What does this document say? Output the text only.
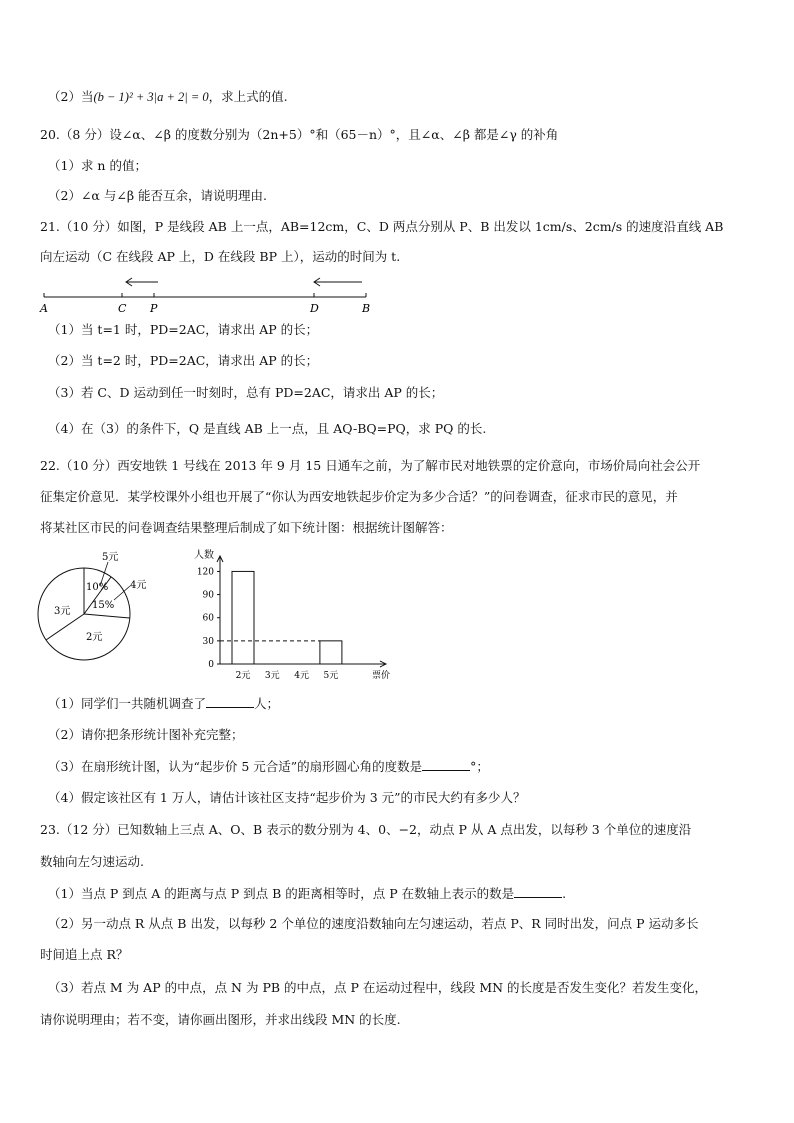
（2）当(b − 1)² + 3|a + 2| = 0，求上式的值.
20.（8 分）设∠α、∠β 的度数分别为（2n+5）°和（65－n）°，且∠α、∠β 都是∠γ 的补角
（1）求 n 的值；
（2）∠α 与∠β 能否互余，请说明理由.
21.（10 分）如图，P 是线段 AB 上一点，AB=12cm，C、D 两点分别从 P、B 出发以 1cm/s、2cm/s 的速度沿直线 AB
向左运动（C 在线段 AP 上，D 在线段 BP 上），运动的时间为 t.
A	C P	D	B
（1）当 t=1 时，PD=2AC，请求出 AP 的长；
（2）当 t=2 时，PD=2AC，请求出 AP 的长；
（3）若 C、D 运动到任一时刻时，总有 PD=2AC，请求出 AP 的长；
（4）在（3）的条件下，Q 是直线 AB 上一点，且 AQ-BQ=PQ，求 PQ 的长.
22.（10 分）西安地铁 1 号线在 2013 年 9 月 15 日通车之前，为了解市民对地铁票的定价意向，市场价局向社会公开
征集定价意见．某学校课外小组也开展了“你认为西安地铁起步价定为多少合适？”的问卷调查，征求市民的意见，并
将某社区市民的问卷调查结果整理后制成了如下统计图：根据统计图解答：
5元
4元
10%
15%
3元
2元
人数
票价
0
30
60
90
120
2元 3元 4元 5元
（1）同学们一共随机调查了	人；
（2）请你把条形统计图补充完整；
（3）在扇形统计图，认为“起步价 5 元合适”的扇形圆心角的度数是	°；
（4）假定该社区有 1 万人，请估计该社区支持“起步价为 3 元”的市民大约有多少人？
23.（12 分）已知数轴上三点 A、O、B 表示的数分别为 4、0、−2，动点 P 从 A 点出发，以每秒 3 个单位的速度沿
数轴向左匀速运动.
（1）当点 P 到点 A 的距离与点 P 到点 B 的距离相等时，点 P 在数轴上表示的数是	.
（2）另一动点 R 从点 B 出发，以每秒 2 个单位的速度沿数轴向左匀速运动，若点 P、R 同时出发，问点 P 运动多长
时间追上点 R？
（3）若点 M 为 AP 的中点，点 N 为 PB 的中点，点 P 在运动过程中，线段 MN 的长度是否发生变化？若发生变化，
请你说明理由；若不变，请你画出图形，并求出线段 MN 的长度.
